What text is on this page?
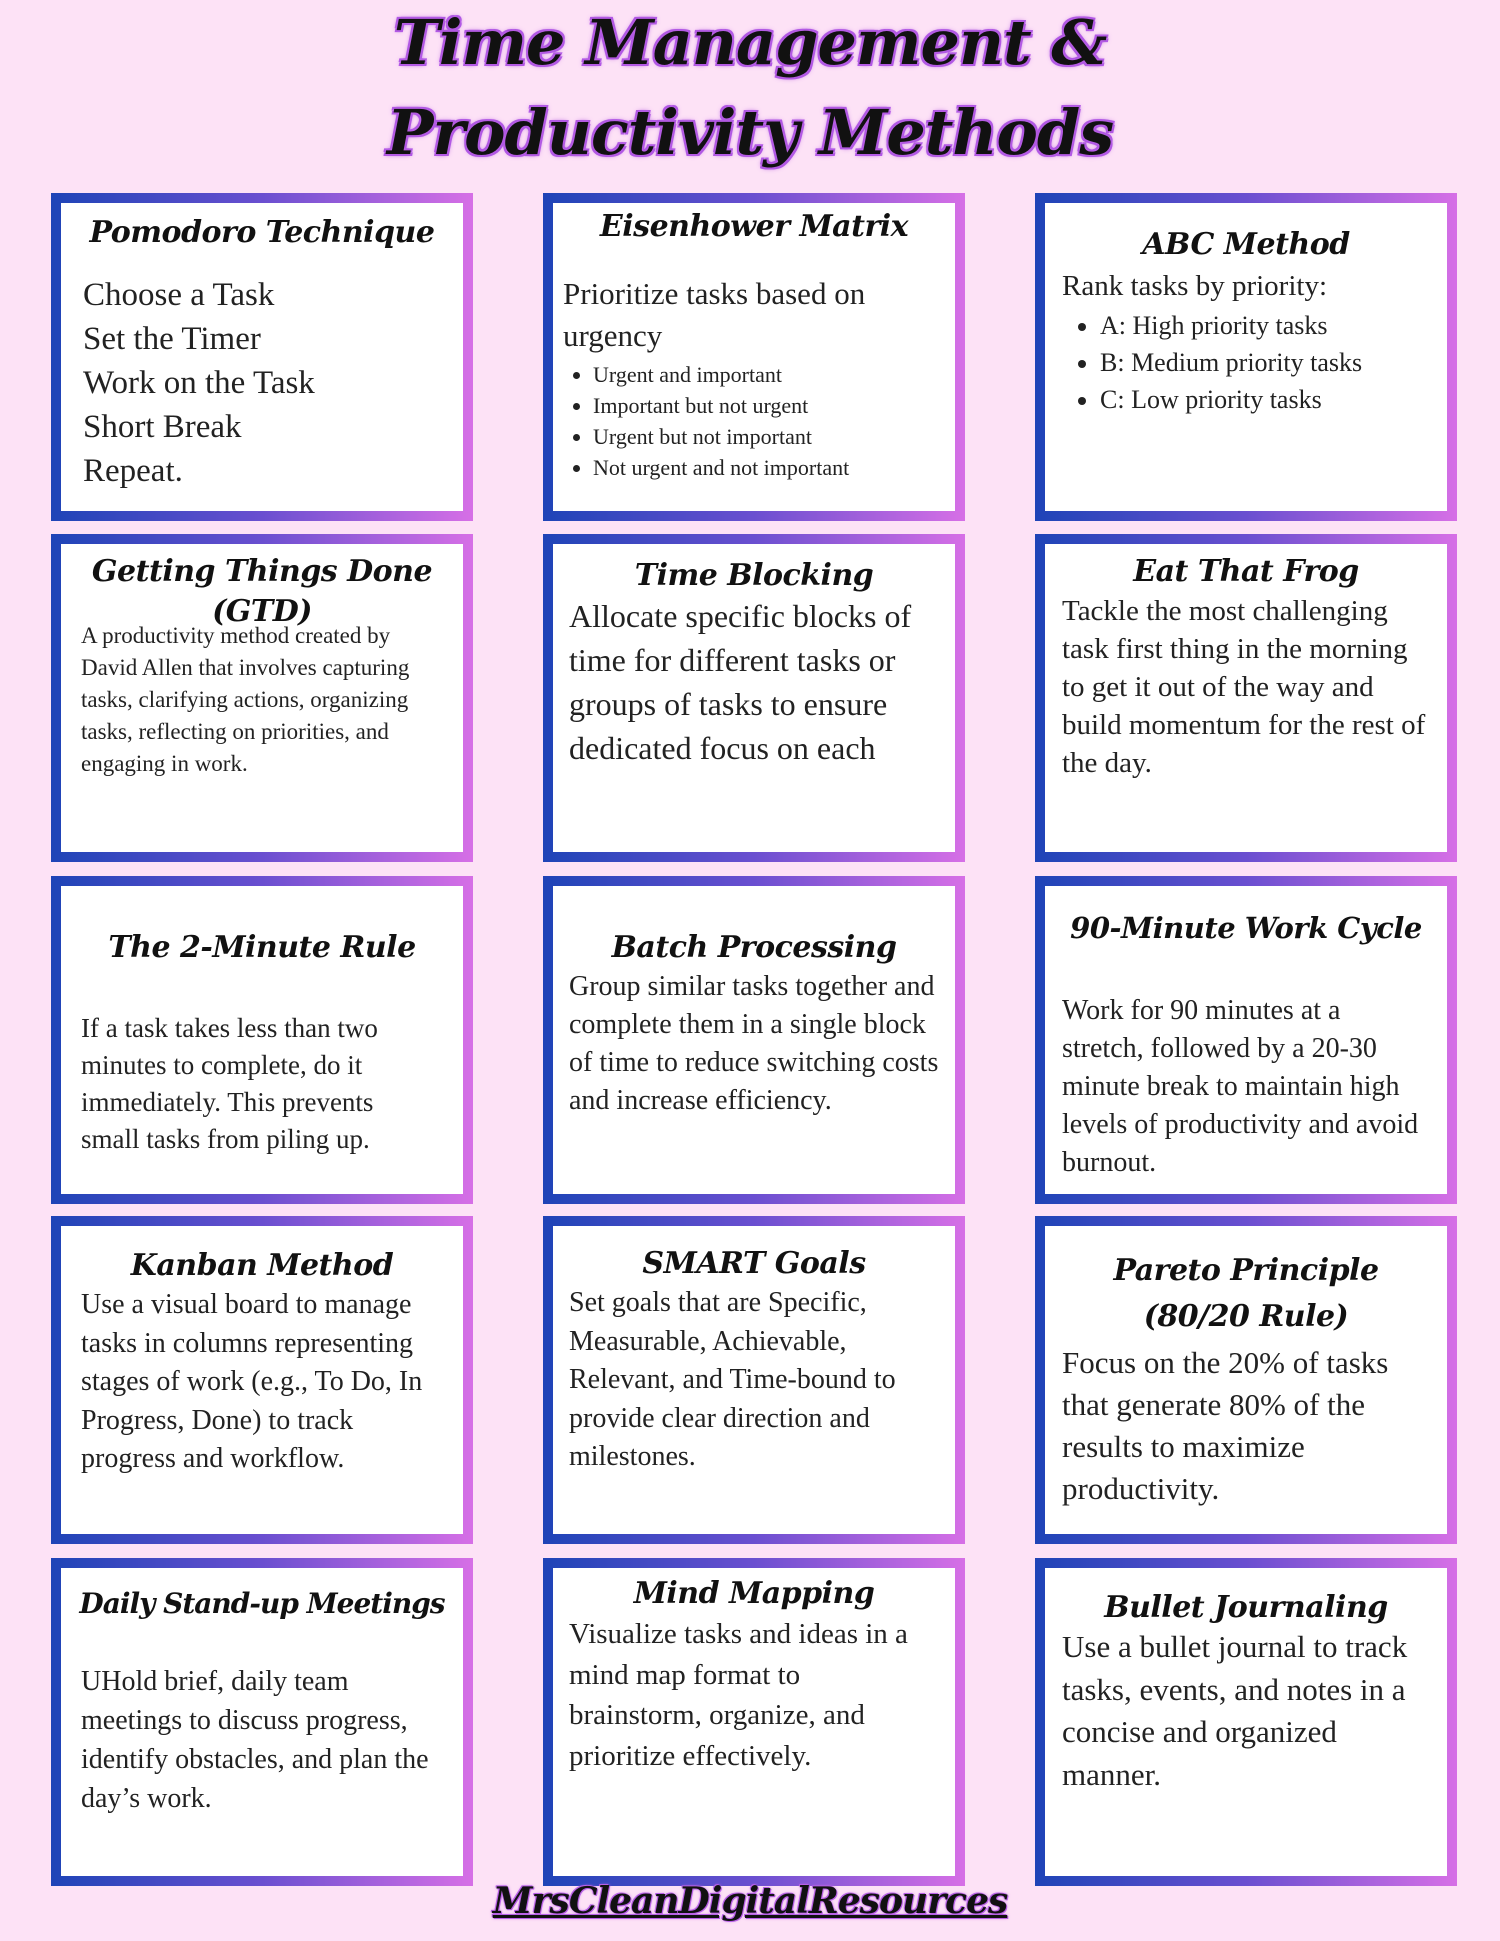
Time Management &
Productivity Methods
Pomodoro Technique
Choose a Task
Set the Timer
Work on the Task
Short Break
Repeat.
Eisenhower Matrix
Prioritize tasks based on urgency
• Urgent and important
• Important but not urgent
• Urgent but not important
• Not urgent and not important
ABC Method
Rank tasks by priority:
• A: High priority tasks
• B: Medium priority tasks
• C: Low priority tasks
Getting Things Done (GTD)
A productivity method created by David Allen that involves capturing tasks, clarifying actions, organizing tasks, reflecting on priorities, and engaging in work.
Time Blocking
Allocate specific blocks of time for different tasks or groups of tasks to ensure dedicated focus on each
Eat That Frog
Tackle the most challenging task first thing in the morning to get it out of the way and build momentum for the rest of the day.
The 2-Minute Rule
If a task takes less than two minutes to complete, do it immediately. This prevents small tasks from piling up.
Batch Processing
Group similar tasks together and complete them in a single block of time to reduce switching costs and increase efficiency.
90-Minute Work Cycle
Work for 90 minutes at a stretch, followed by a 20-30 minute break to maintain high levels of productivity and avoid burnout.
Kanban Method
Use a visual board to manage tasks in columns representing stages of work (e.g., To Do, In Progress, Done) to track progress and workflow.
SMART Goals
Set goals that are Specific, Measurable, Achievable, Relevant, and Time-bound to provide clear direction and milestones.
Pareto Principle (80/20 Rule)
Focus on the 20% of tasks that generate 80% of the results to maximize productivity.
Daily Stand-up Meetings
UHold brief, daily team meetings to discuss progress, identify obstacles, and plan the day’s work.
Mind Mapping
Visualize tasks and ideas in a mind map format to brainstorm, organize, and prioritize effectively.
Bullet Journaling
Use a bullet journal to track tasks, events, and notes in a concise and organized manner.
MrsCleanDigitalResources
